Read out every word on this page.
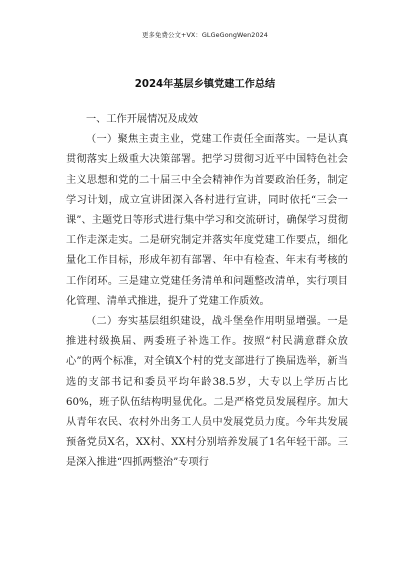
更多免费公文+VX：GLGeGongWen2024
2024年基层乡镇党建工作总结

一、工作开展情况及成效

（一）聚焦主责主业，党建工作责任全面落实。一是认真贯彻落实上级重大决策部署。把学习贯彻习近平中国特色社会主义思想和党的二十届三中全会精神作为首要政治任务，制定学习计划，成立宣讲团深入各村进行宣讲，同时依托“三会一课”、主题党日等形式进行集中学习和交流研讨，确保学习贯彻工作走深走实。二是研究制定并落实年度党建工作要点，细化量化工作目标，形成年初有部署、年中有检查、年末有考核的工作闭环。三是建立党建任务清单和问题整改清单，实行项目化管理、清单式推进，提升了党建工作质效。

（二）夯实基层组织建设，战斗堡垒作用明显增强。一是推进村级换届、两委班子补选工作。按照“村民满意群众放心”的两个标准，对全镇X个村的党支部进行了换届选举，新当选的支部书记和委员平均年龄38.5岁，大专以上学历占比60%，班子队伍结构明显优化。二是严格党员发展程序。加大从青年农民、农村外出务工人员中发展党员力度。今年共发展预备党员X名，XX村、XX村分别培养发展了1名年轻干部。三是深入推进“四抓两整治”专项行
